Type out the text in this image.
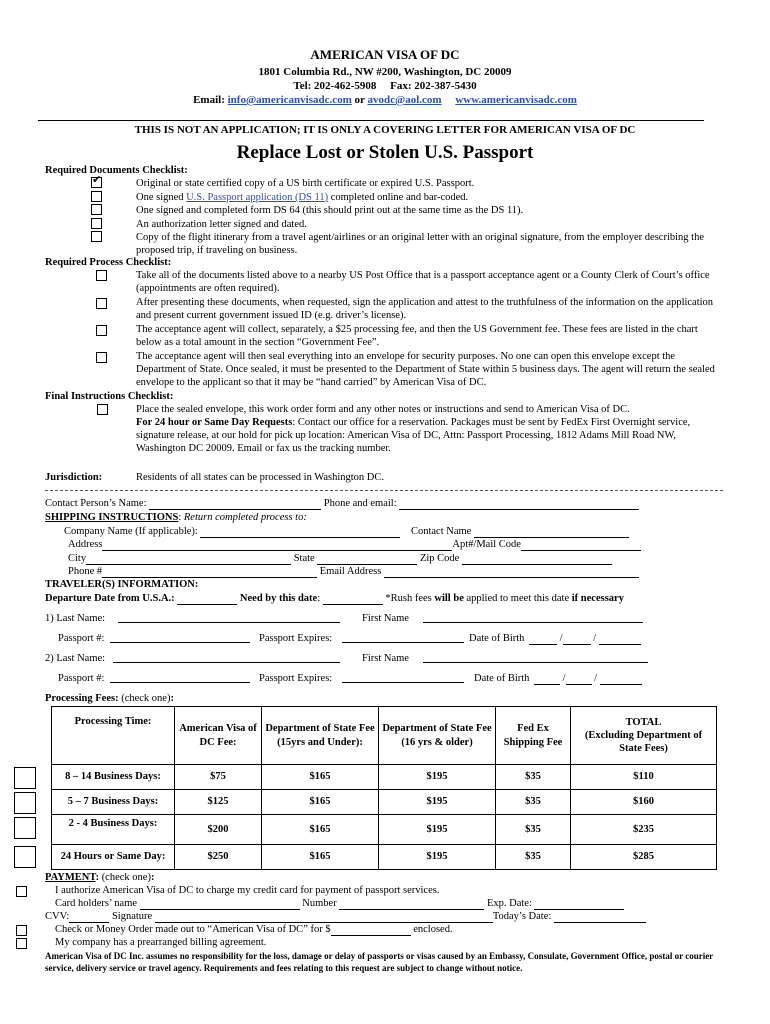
AMERICAN VISA OF DC
1801 Columbia Rd., NW #200, Washington, DC 20009
Tel: 202-462-5908 Fax: 202-387-5430
Email: info@americanvisadc.com or avodc@aol.com www.americanvisadc.com
THIS IS NOT AN APPLICATION; IT IS ONLY A COVERING LETTER FOR AMERICAN VISA OF DC
Replace Lost or Stolen U.S. Passport
Required Documents Checklist:
✔	Original or state certified copy of a US birth certificate or expired U.S. Passport.
One signed U.S. Passport application (DS 11) completed online and bar-coded.
One signed and completed form DS 64 (this should print out at the same time as the DS 11).
An authorization letter signed and dated.
Copy of the flight itinerary from a travel agent/airlines or an original letter with an original signature, from the employer describing the proposed trip, if traveling on business.
Required Process Checklist:
Take all of the documents listed above to a nearby US Post Office that is a passport acceptance agent or a County Clerk of Court’s office (appointments are often required).
After presenting these documents, when requested, sign the application and attest to the truthfulness of the information on the application and present current government issued ID (e.g. driver’s license).
The acceptance agent will collect, separately, a $25 processing fee, and then the US Government fee. These fees are listed in the chart below as a total amount in the section “Government Fee”.
The acceptance agent will then seal everything into an envelope for security purposes. No one can open this envelope except the Department of State. Once sealed, it must be presented to the Department of State within 5 business days. The agent will return the sealed envelope to the applicant so that it may be “hand carried” by American Visa of DC.
Final Instructions Checklist:
Place the sealed envelope, this work order form and any other notes or instructions and send to American Visa of DC.
For 24 hour or Same Day Requests: Contact our office for a reservation. Packages must be sent by FedEx First Overnight service, signature release, at our hold for pick up location: American Visa of DC, Attn: Passport Processing, 1812 Adams Mill Road NW, Washington DC 20009. Email or fax us the tracking number.
Jurisdiction:	Residents of all states can be processed in Washington DC.
Contact Person’s Name:	Phone and email:
SHIPPING INSTRUCTIONS: Return completed process to:
Company Name (If applicable):	Contact Name
Address	Apt#/Mail Code
City	State	Zip Code
Phone #	Email Address
TRAVELER(S) INFORMATION:
Departure Date from U.S.A.:	Need by this date:	*Rush fees will be applied to meet this date if necessary
1) Last Name:	First Name
Passport #:	Passport Expires:	Date of Birth	/	/
2) Last Name:	First Name
Passport #:	Passport Expires:	Date of Birth	/ /
Processing Fees: (check one):
Processing Time:	American Visa of DC Fee:	Department of State Fee (15yrs and Under):	Department of State Fee (16 yrs & older)	Fed Ex Shipping Fee	TOTAL
(Excluding Department of State Fees)

8 – 14 Business Days:	$75	$165	$195	$35	$110
5 – 7 Business Days:	$125	$165	$195	$35	$160
2 - 4 Business Days:	$200	$165	$195	$35	$235
24 Hours or Same Day:	$250	$165	$195	$35	$285
PAYMENT: (check one):
I authorize American Visa of DC to charge my credit card for payment of passport services.
Card holders’ name	Number	Exp. Date:
CVV:	Signature	Today’s Date:
Check or Money Order made out to “American Visa of DC” for $	enclosed.
My company has a prearranged billing agreement.
American Visa of DC Inc. assumes no responsibility for the loss, damage or delay of passports or visas caused by an Embassy, Consulate, Government Office, postal or courier service, delivery service or travel agency. Requirements and fees relating to this request are subject to change without notice.
